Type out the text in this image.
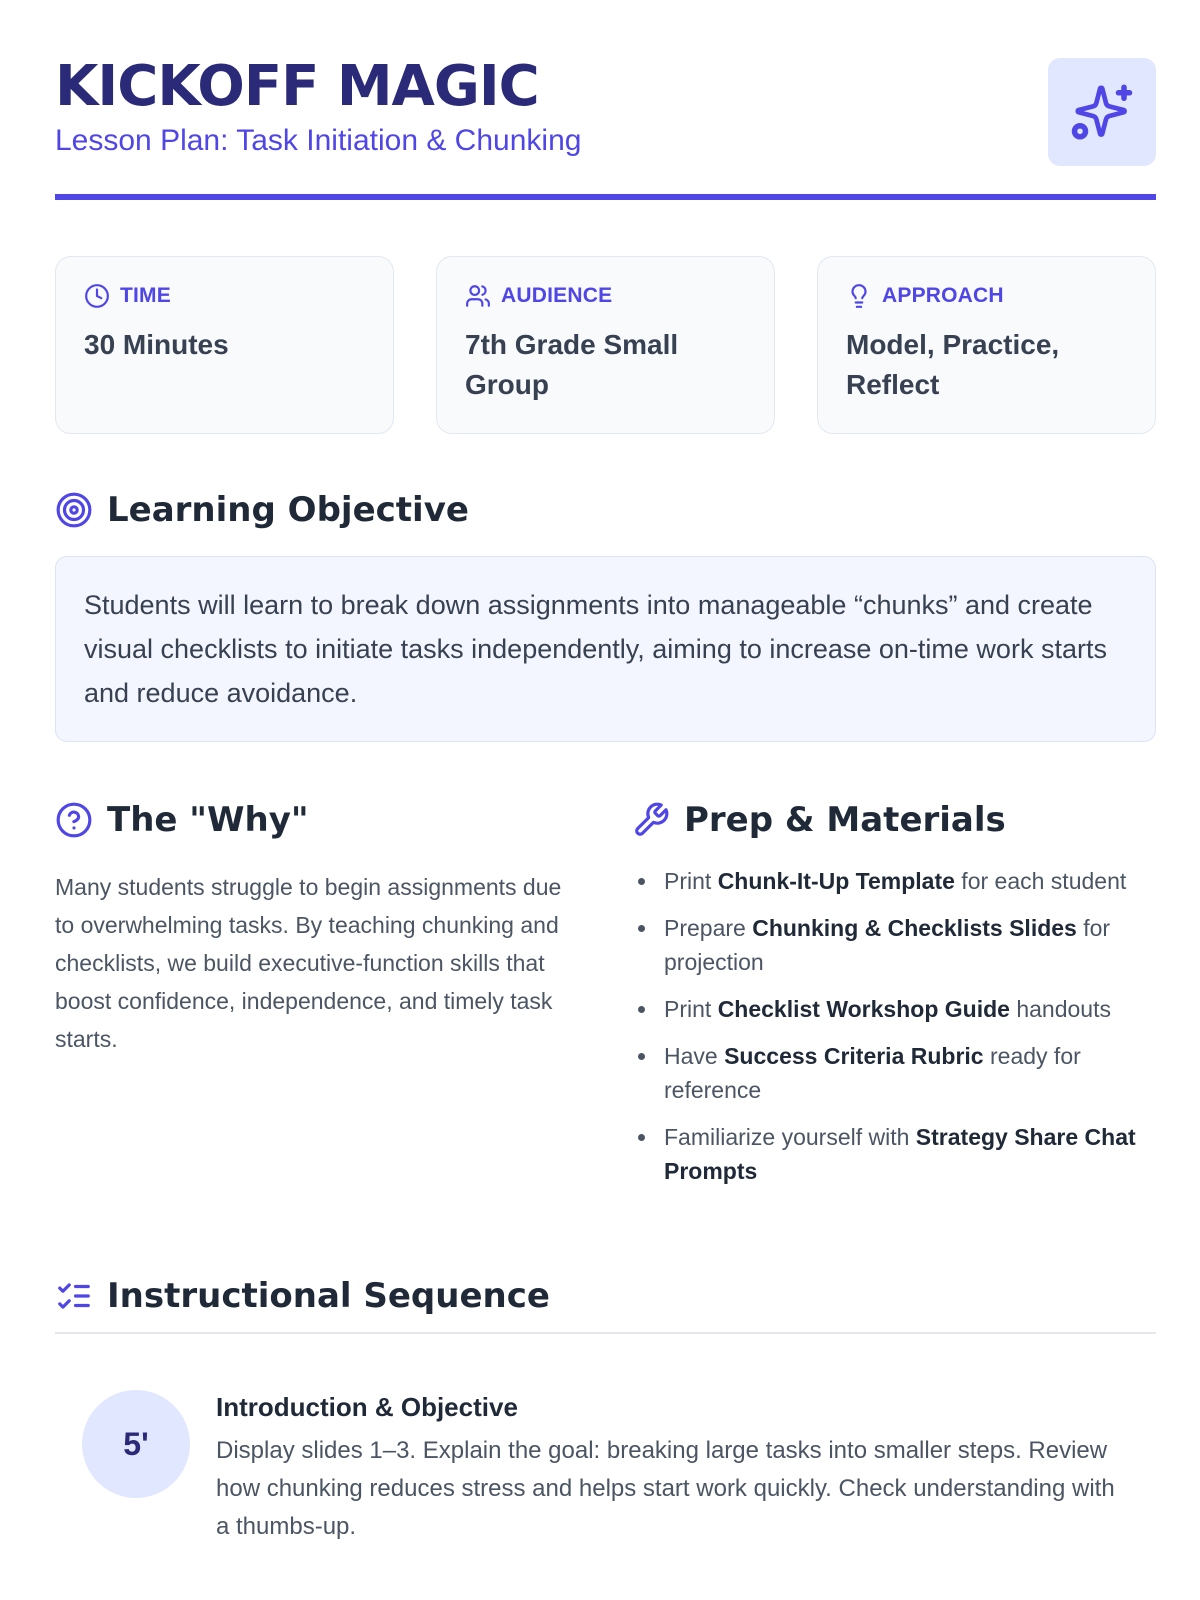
KICKOFF MAGIC
Lesson Plan: Task Initiation & Chunking
TIME
30 Minutes
AUDIENCE
7th Grade Small Group
APPROACH
Model, Practice, Reflect
Learning Objective
Students will learn to break down assignments into manageable “chunks” and create visual checklists to initiate tasks independently, aiming to increase on-time work starts and reduce avoidance.
The "Why"
Many students struggle to begin assignments due to overwhelming tasks. By teaching chunking and checklists, we build executive-function skills that boost confidence, independence, and timely task starts.
Prep & Materials
Print Chunk-It-Up Template for each student
Prepare Chunking & Checklists Slides for projection
Print Checklist Workshop Guide handouts
Have Success Criteria Rubric ready for reference
Familiarize yourself with Strategy Share Chat Prompts
Instructional Sequence
5'
Introduction & Objective
Display slides 1–3. Explain the goal: breaking large tasks into smaller steps. Review how chunking reduces stress and helps start work quickly. Check understanding with a thumbs-up.
